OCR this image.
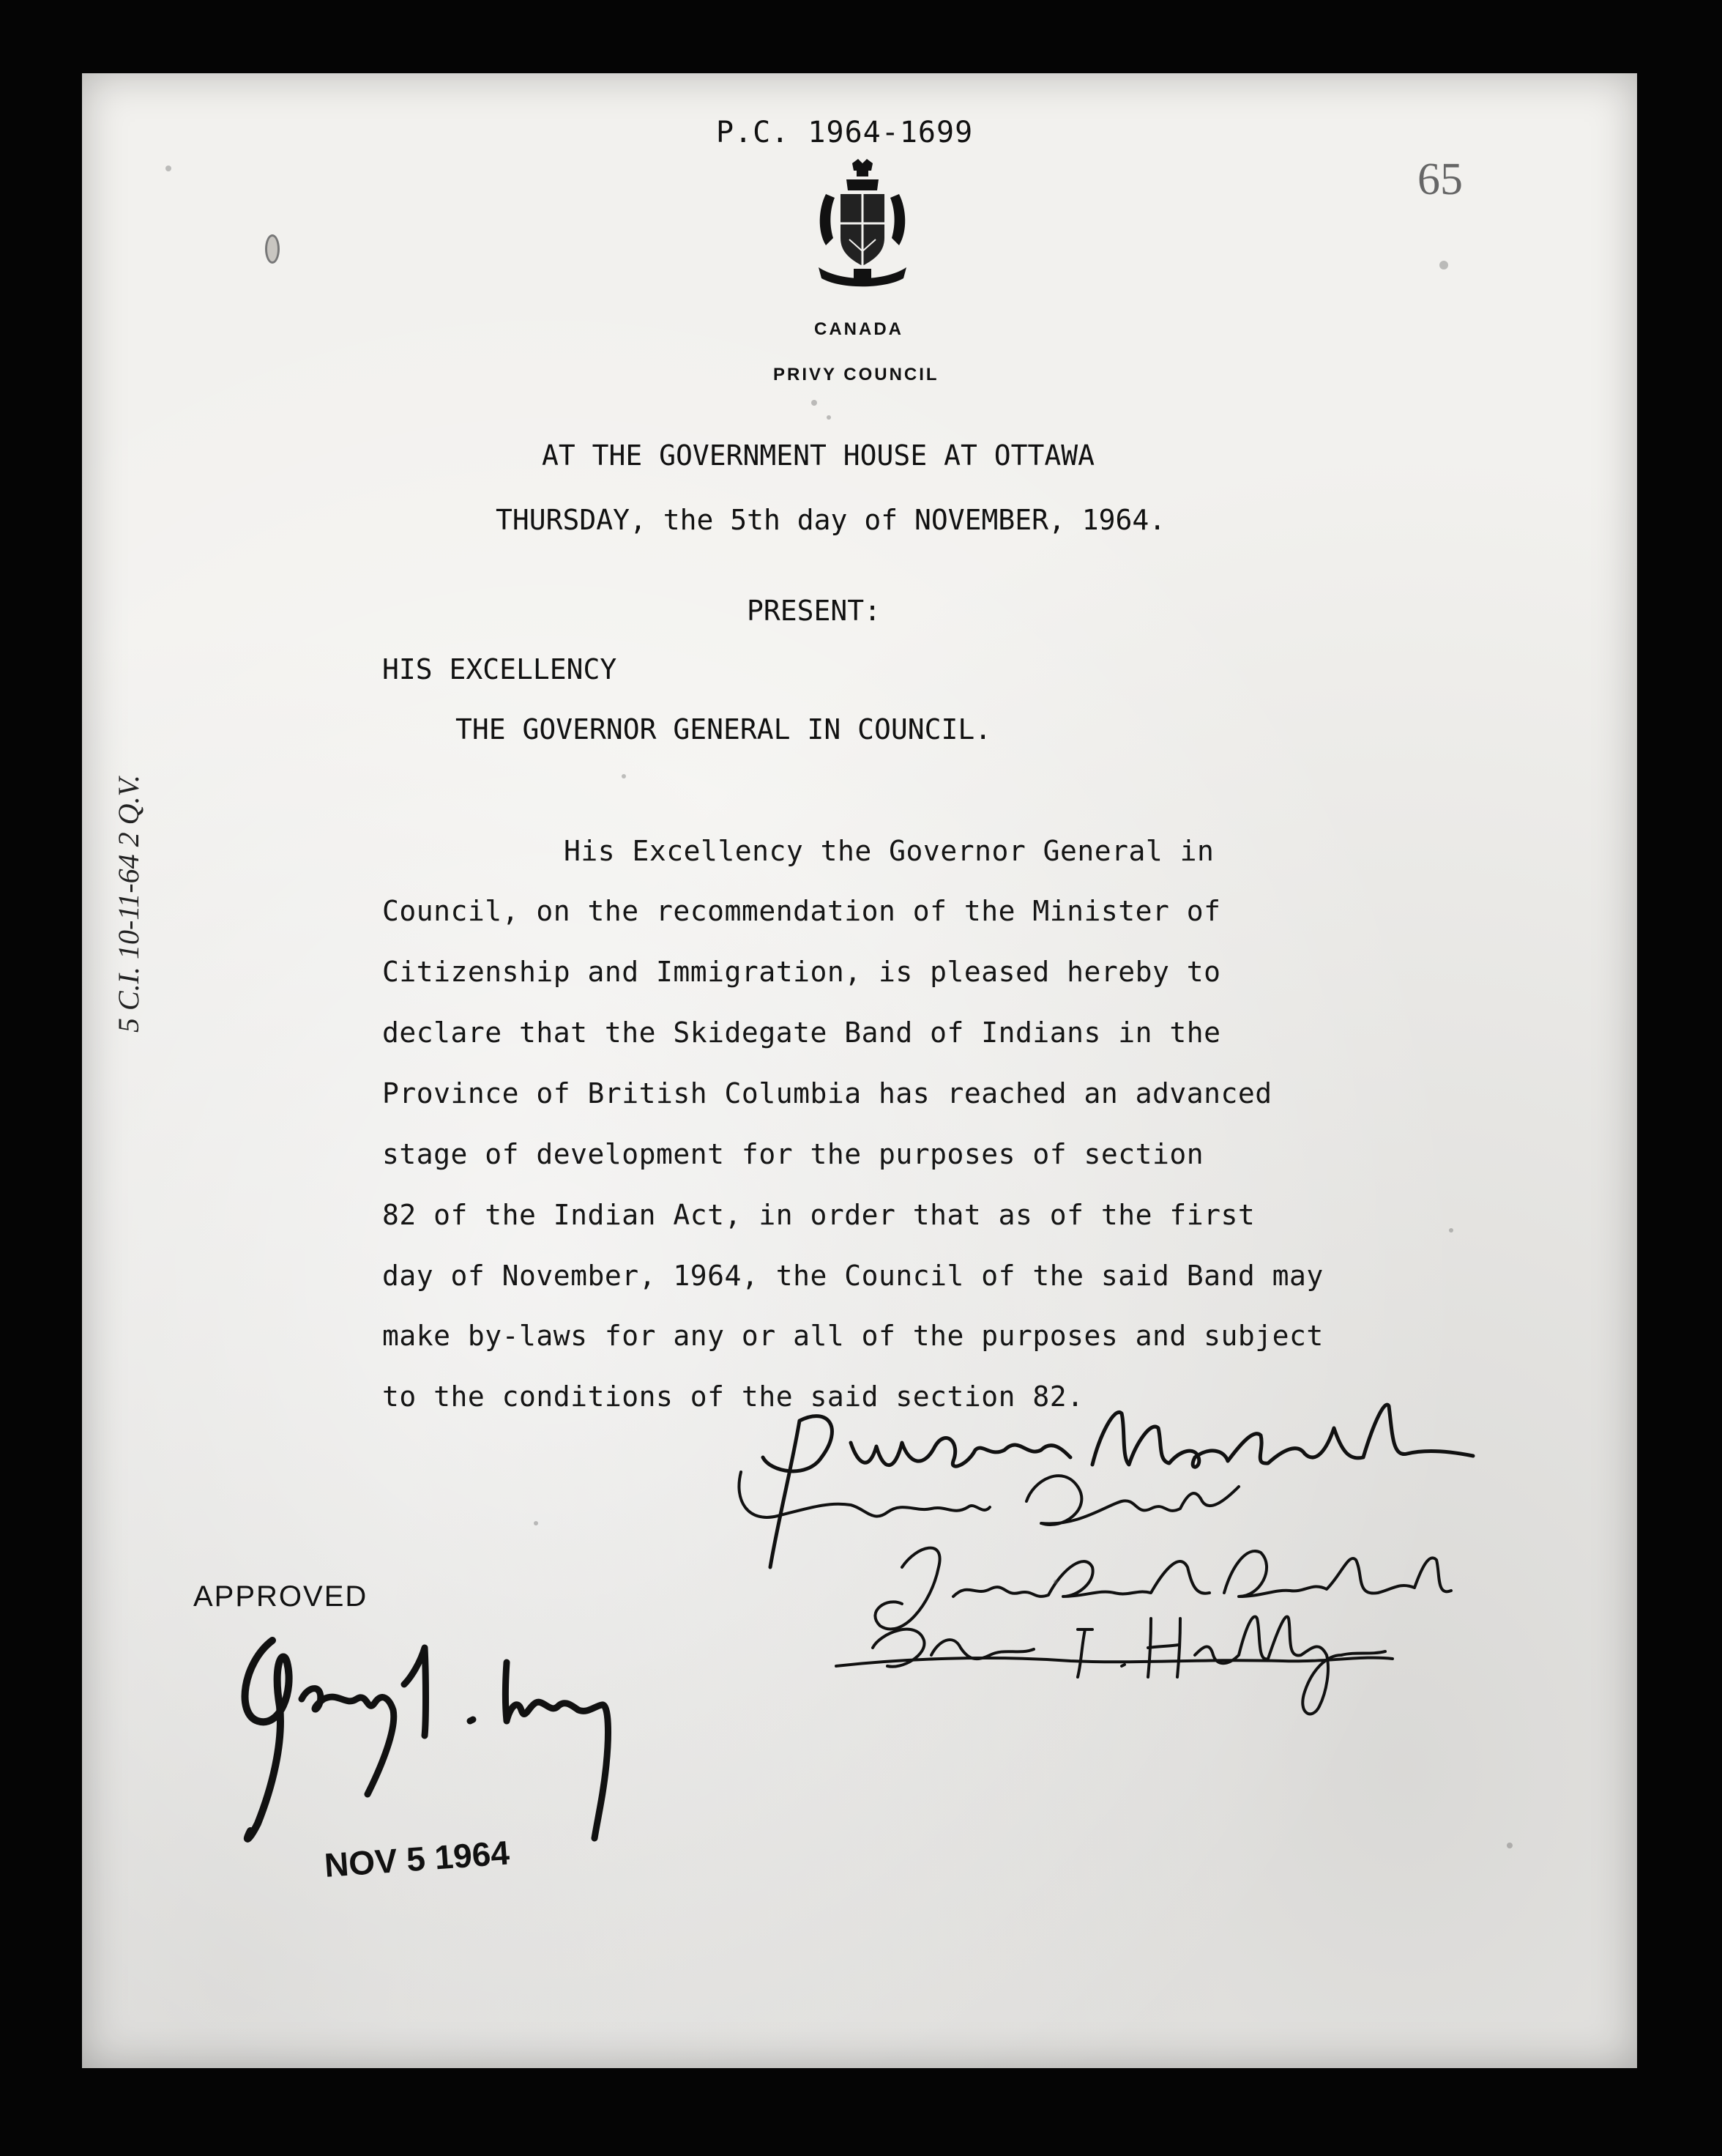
P.C. 1964-1699
65
CANADA
PRIVY COUNCIL
AT THE GOVERNMENT HOUSE AT OTTAWA
THURSDAY, the 5th day of NOVEMBER, 1964.
PRESENT:
HIS EXCELLENCY
THE GOVERNOR GENERAL IN COUNCIL.
His Excellency the Governor General in
Council, on the recommendation of the Minister of
Citizenship and Immigration, is pleased hereby to
declare that the Skidegate Band of Indians in the
Province of British Columbia has reached an advanced
stage of development for the purposes of section
82 of the Indian Act, in order that as of the first
day of November, 1964, the Council of the said Band may
make by-laws for any or all of the purposes and subject
to the conditions of the said section 82.
5 C.I. 10-11-64 2 Q.V.
APPROVED
NOV 5 1964
